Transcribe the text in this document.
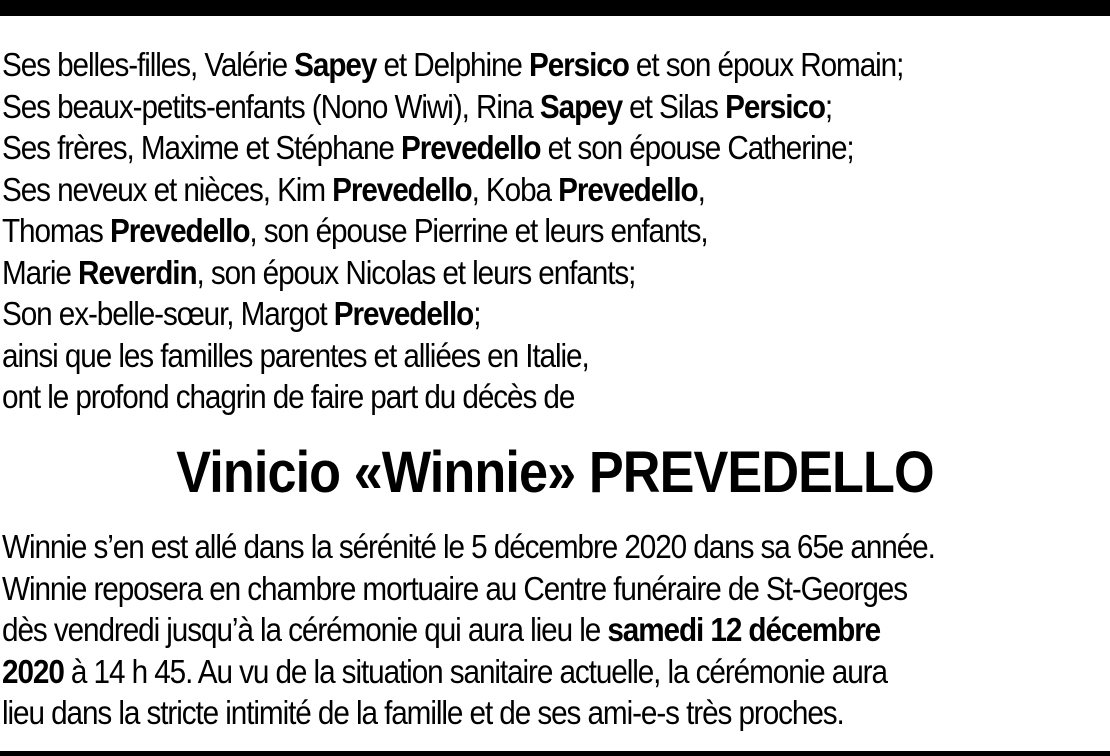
Ses belles-filles, Valérie Sapey et Delphine Persico et son époux Romain;
Ses beaux-petits-enfants (Nono Wiwi), Rina Sapey et Silas Persico;
Ses frères, Maxime et Stéphane Prevedello et son épouse Catherine;
Ses neveux et nièces, Kim Prevedello, Koba Prevedello,
Thomas Prevedello, son épouse Pierrine et leurs enfants,
Marie Reverdin, son époux Nicolas et leurs enfants;
Son ex-belle-sœur, Margot Prevedello;
ainsi que les familles parentes et alliées en Italie,
ont le profond chagrin de faire part du décès de
Vinicio «Winnie» PREVEDELLO
Winnie s’en est allé dans la sérénité le 5 décembre 2020 dans sa 65e année.
Winnie reposera en chambre mortuaire au Centre funéraire de St-Georges
dès vendredi jusqu’à la cérémonie qui aura lieu le samedi 12 décembre
2020 à 14 h 45. Au vu de la situation sanitaire actuelle, la cérémonie aura
lieu dans la stricte intimité de la famille et de ses ami-e-s très proches.
